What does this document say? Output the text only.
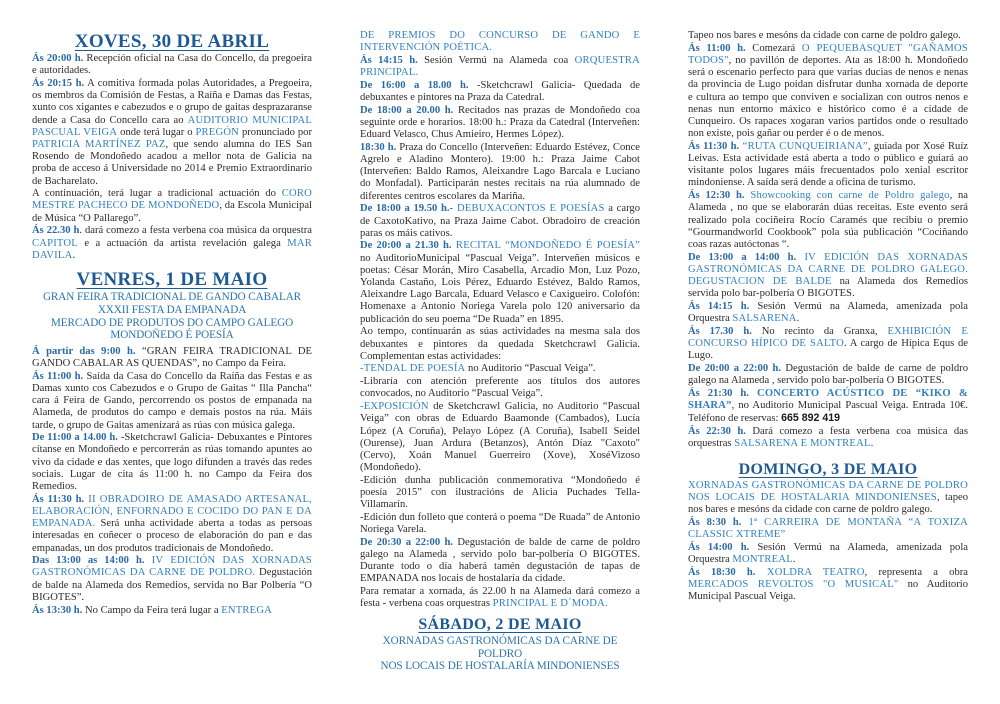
XOVES, 30 DE ABRIL

Ás 20:00 h. Recepción oficial na Casa do Concello, da pregoeira e autoridades.

Ás 20:15 h. A comitiva formada polas Autoridades, a Pregoeira, os membros da Comisión de Festas, a Raíña e Damas das Festas, xunto cos xigantes e cabezudos e o grupo de gaitas desprazaranse dende a Casa do Concello cara ao AUDITORIO MUNICIPAL PASCUAL VEIGA onde terá lugar o PREGÓN pronunciado por PATRICIA MARTÍNEZ PAZ, que sendo alumna do IES San Rosendo de Mondoñedo acadou a mellor nota de Galicia na proba de acceso á Universidade no 2014 e Premio Extraordinario de Bacharelato.

A continuación, terá lugar a tradicional actuación do CORO MESTRE PACHECO DE MONDOÑEDO, da Escola Municipal de Música “O Pallarego”.

Ás 22.30 h. dará comezo a festa verbena coa música da orquestra CAPITOL e a actuación da artista revelación galega MAR DAVILA.

VENRES, 1 DE MAIO
GRAN FEIRA TRADICIONAL DE GANDO CABALAR
XXXII FESTA DA EMPANADA
MERCADO DE PRODUTOS DO CAMPO GALEGO
MONDOÑEDO É POESÍA

Á partir das 9:00 h. “GRAN FEIRA TRADICIONAL DE GANDO CABALAR AS QUENDAS”, no Campo da Feira.

Ás 11:00 h. Saída da Casa do Concello da Raíña das Festas e as Damas xunto cos Cabezudos e o Grupo de Gaitas “ Illa Pancha“ cara á Feira de Gando, percorrendo os postos de empanada na Alameda, de produtos do campo e demais postos na rúa. Máis tarde, o grupo de Gaitas amenizará as rúas con música galega.

De 11:00 a 14.00 h. -Sketchcrawl Galicia- Debuxantes e Pintores cítanse en Mondoñedo e percorrerán as rúas tomando apuntes ao vivo da cidade e das xentes, que logo difunden a través das redes sociais. Lugar de cita ás 11:00 h. no Campo da Feira dos Remedios.

Ás 11:30 h. II OBRADOIRO DE AMASADO ARTESANAL, ELABORACIÓN, ENFORNADO E COCIDO DO PAN E DA EMPANADA. Será unha actividade aberta a todas as persoas interesadas en coñecer o proceso de elaboración do pan e das empanadas, un dos produtos tradicionais de Mondoñedo.

Das 13:00 as 14:00 h. IV EDICIÓN DAS XORNADAS GASTRONÓMICAS DA CARNE DE POLDRO. Degustación de balde na Alameda dos Remedios, servida no Bar Polbería “O BIGOTES”.

Ás 13:30 h. No Campo da Feira terá lugar a ENTREGA

DE PREMIOS DO CONCURSO DE GANDO E INTERVENCIÓN POÉTICA.

Ás 14:15 h. Sesión Vermú na Alameda coa ORQUESTRA PRINCIPAL.

De 16:00 a 18.00 h. -Sketchcrawl Galicia- Quedada de debuxantes e pintores na Praza da Catedral.

De 18:00 a 20.00 h. Recitados nas prazas de Mondoñedo coa seguinte orde e horarios. 18:00 h.: Praza da Catedral (Interveñen: Eduard Velasco, Chus Amieiro, Hermes López).

18:30 h. Praza do Concello (Interveñen: Eduardo Estévez, Conce Agrelo e Aladino Montero). 19:00 h.: Praza Jaime Cabot (Interveñen: Baldo Ramos, Aleixandre Lago Barcala e Luciano do Monfadal). Participarán nestes recitais na rúa alumnado de diferentes centros escolares da Mariña.

De 18:00 a 19.50 h.- DEBUXACONTOS E POESÍAS a cargo de CaxotoKativo, na Praza Jaime Cabot. Obradoiro de creación paras os máis cativos.

De 20:00 a 21.30 h. RECITAL “MONDOÑEDO É POESÍA” no AuditorioMunicipal “Pascual Veiga”. Interveñen músicos e poetas: César Morán, Miro Casabella, Arcadio Mon, Luz Pozo, Yolanda Castaño, Lois Pérez, Eduardo Estévez, Baldo Ramos, Aleixandre Lago Barcala, Eduard Velasco e Caxigueiro. Colofón: Homenaxe a Antonio Noriega Varela polo 120 aniversario da publicación do seu poema “De Ruada” en 1895.

Ao tempo, continuarán as súas actividades na mesma sala dos debuxantes e pintores da quedada Sketchcrawl Galicia. Complementan estas actividades:

-TENDAL DE POESÍA no Auditorio “Pascual Veiga”.

-Libraría con atención preferente aos títulos dos autores convocados, no Auditorio “Pascual Veiga”.

-EXPOSICIÓN de Sketchcrawl Galicia, no Auditorio “Pascual Veiga” con obras de Eduardo Baamonde (Cambados), Lucía López (A Coruña), Pelayo López (A Coruña), Isabell Seidel (Ourense), Juan Ardura (Betanzos), Antón Díaz "Caxoto" (Cervo), Xoán Manuel Guerreiro (Xove), XoséVizoso (Mondoñedo).

-Edición dunha publicación conmemorativa “Mondoñedo é poesía 2015” con ilustracións de Alicia Puchades Tella-Villamarín.

-Edición dun folleto que conterá o poema “De Ruada” de Antonio Noriega Varela.

De 20:30 a 22:00 h. Degustación de balde de carne de poldro galego na Alameda , servido polo bar-polbería O BIGOTES. Durante todo o día haberá tamén degustación de tapas de EMPANADA nos locais de hostalaría da cidade.

Para rematar a xornada, ás 22.00 h na Alameda dará comezo a festa - verbena coas orquestras PRINCIPAL E D´MODA.

SÁBADO, 2 DE MAIO
XORNADAS GASTRONÓMICAS DA CARNE DE POLDRO
NOS LOCAIS DE HOSTALARÍA MINDONIENSES

Tapeo nos bares e mesóns da cidade con carne de poldro galego.

Ás 11:00 h. Comezará O PEQUEBASQUET "GAÑAMOS TODOS", no pavillón de deportes. Ata as 18:00 h. Mondoñedo será o escenario perfecto para que varias ducias de nenos e nenas da provincia de Lugo poidan disfrutar dunha xornada de deporte e cultura ao tempo que conviven e socializan con outros nenos e nenas nun entorno máxico e histórico como é a cidade de Cunqueiro. Os rapaces xogaran varios partidos onde o resultado non existe, pois gañar ou perder é o de menos.

Ás 11:30 h. “RUTA CUNQUEIRIANA”, guiada por Xosé Ruíz Leivas. Esta actividade está aberta a todo o público e guiará ao visitante polos lugares máis frecuentados polo xenial escritor mindoniense. A saída será dende a oficina de turismo.

Ás 12:30 h. Showcooking con carne de Poldro galego, na Alameda , no que se elaborarán dúas receitas. Este evento será realizado pola cociñeira Rocío Caramés que recibiu o premio “Gourmandworld Cookbook” pola súa publicación “Cociñando coas razas autóctonas “.

De 13:00 a 14:00 h. IV EDICIÓN DAS XORNADAS GASTRONÓMICAS DA CARNE DE POLDRO GALEGO. DEGUSTACION DE BALDE na Alameda dos Remedios servida polo bar-polbería O BIGOTES.

Ás 14:15 h. Sesión Vermú na Alameda, amenizada pola Orquestra SALSARENA.

Ás 17.30 h. No recinto da Granxa, EXHIBICIÓN E CONCURSO HÍPICO DE SALTO. A cargo de Hípica Equs de Lugo.

De 20:00 a 22:00 h. Degustación de balde de carne de poldro galego na Alameda , servido polo bar-polbería O BIGOTES.

Ás 21:30 h. CONCERTO ACÚSTICO DE “KIKO & SHARA”, no Auditorio Municipal Pascual Veiga. Entrada 10€. Teléfono de reservas: 665 892 419

Ás 22:30 h. Dará comezo a festa verbena coa música das orquestras SALSARENA E MONTREAL.

DOMINGO, 3 DE MAIO

XORNADAS GASTRONÓMICAS DA CARNE DE POLDRO NOS LOCAIS DE HOSTALARIA MINDONIENSES, tapeo nos bares e mesóns da cidade con carne de poldro galego.

Ás 8:30 h. 1ª CARREIRA DE MONTAÑA “A TOXIZA CLASSIC XTREME”

Ás 14:00 h. Sesión Vermú na Alameda, amenizada pola Orquestra MONTREAL.

Ás 18:30 h. XOLDRA TEATRO, representa a obra MERCADOS REVOLTOS "O MUSICAL" no Auditorio Municipal Pascual Veiga.
